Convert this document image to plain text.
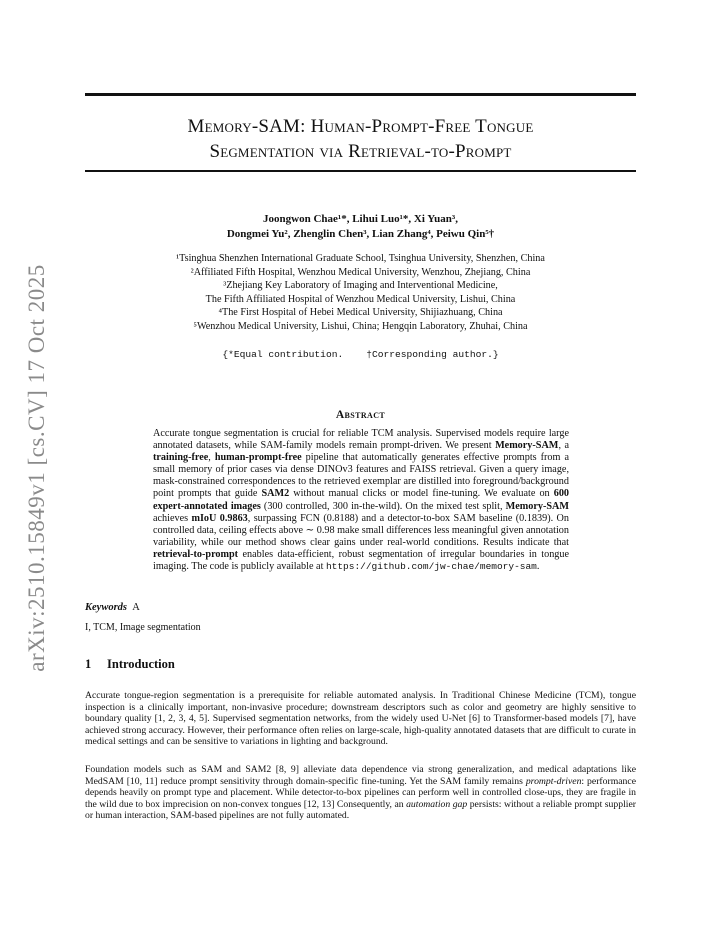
arXiv:2510.15849v1 [cs.CV] 17 Oct 2025
Memory-SAM: Human-Prompt-Free Tongue
Segmentation via Retrieval-to-Prompt
Joongwon Chae¹*, Lihui Luo¹*, Xi Yuan³,
Dongmei Yu², Zhenglin Chen³, Lian Zhang⁴, Peiwu Qin⁵†
¹Tsinghua Shenzhen International Graduate School, Tsinghua University, Shenzhen, China
²Affiliated Fifth Hospital, Wenzhou Medical University, Wenzhou, Zhejiang, China
³Zhejiang Key Laboratory of Imaging and Interventional Medicine,
The Fifth Affiliated Hospital of Wenzhou Medical University, Lishui, China
⁴The First Hospital of Hebei Medical University, Shijiazhuang, China
⁵Wenzhou Medical University, Lishui, China; Hengqin Laboratory, Zhuhai, China
{*Equal contribution.    †Corresponding author.}
Abstract
Accurate tongue segmentation is crucial for reliable TCM analysis. Supervised models require large annotated datasets, while SAM-family models remain prompt-driven. We present Memory-SAM, a training-free, human-prompt-free pipeline that automatically generates effective prompts from a small memory of prior cases via dense DINOv3 features and FAISS retrieval. Given a query image, mask-constrained correspondences to the retrieved exemplar are distilled into foreground/background point prompts that guide SAM2 without manual clicks or model fine-tuning. We evaluate on 600 expert-annotated images (300 controlled, 300 in-the-wild). On the mixed test split, Memory-SAM achieves mIoU 0.9863, surpassing FCN (0.8188) and a detector-to-box SAM baseline (0.1839). On controlled data, ceiling effects above ∼ 0.98 make small differences less meaningful given annotation variability, while our method shows clear gains under real-world conditions. Results indicate that retrieval-to-prompt enables data-efficient, robust segmentation of irregular boundaries in tongue imaging. The code is publicly available at https://github.com/jw-chae/memory-sam.
Keywords A
I, TCM, Image segmentation
1 Introduction
Accurate tongue-region segmentation is a prerequisite for reliable automated analysis. In Traditional Chinese Medicine (TCM), tongue inspection is a clinically important, non-invasive procedure; downstream descriptors such as color and geometry are highly sensitive to boundary quality [1, 2, 3, 4, 5]. Supervised segmentation networks, from the widely used U-Net [6] to Transformer-based models [7], have achieved strong accuracy. However, their performance often relies on large-scale, high-quality annotated datasets that are difficult to curate in medical settings and can be sensitive to variations in lighting and background.
Foundation models such as SAM and SAM2 [8, 9] alleviate data dependence via strong generalization, and medical adaptations like MedSAM [10, 11] reduce prompt sensitivity through domain-specific fine-tuning. Yet the SAM family remains prompt-driven: performance depends heavily on prompt type and placement. While detector-to-box pipelines can perform well in controlled close-ups, they are fragile in the wild due to box imprecision on non-convex tongues [12, 13] Consequently, an automation gap persists: without a reliable prompt supplier or human interaction, SAM-based pipelines are not fully automated.
